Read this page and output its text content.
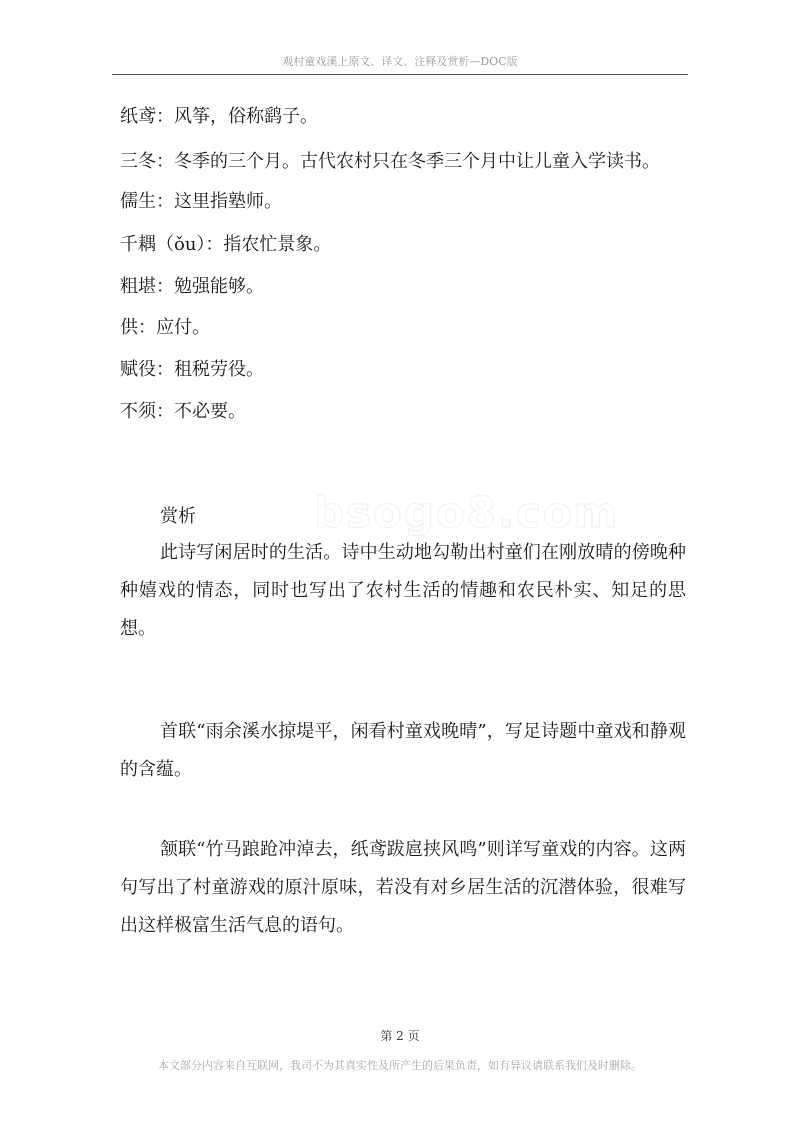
观村童戏溪上原文、译文、注释及赏析—DOC版
纸鸢：风筝，俗称鹞子。
三冬：冬季的三个月。古代农村只在冬季三个月中让儿童入学读书。
儒生：这里指塾师。
千耦（ǒu）：指农忙景象。
粗堪：勉强能够。
供：应付。
赋役：租税劳役。
不须：不必要。
bsogo8.com
赏析

此诗写闲居时的生活。诗中生动地勾勒出村童们在刚放晴的傍晚种种嬉戏的情态，同时也写出了农村生活的情趣和农民朴实、知足的思想。

首联“雨余溪水掠堤平，闲看村童戏晚晴”，写足诗题中童戏和静观的含蕴。

颔联“竹马踉跄冲淖去，纸鸢跋扈挟风鸣”则详写童戏的内容。这两句写出了村童游戏的原汁原味，若没有对乡居生活的沉潜体验，很难写出这样极富生活气息的语句。

第 2 页
本文部分内容来自互联网，我司不为其真实性及所产生的后果负责，如有异议请联系我们及时删除。
